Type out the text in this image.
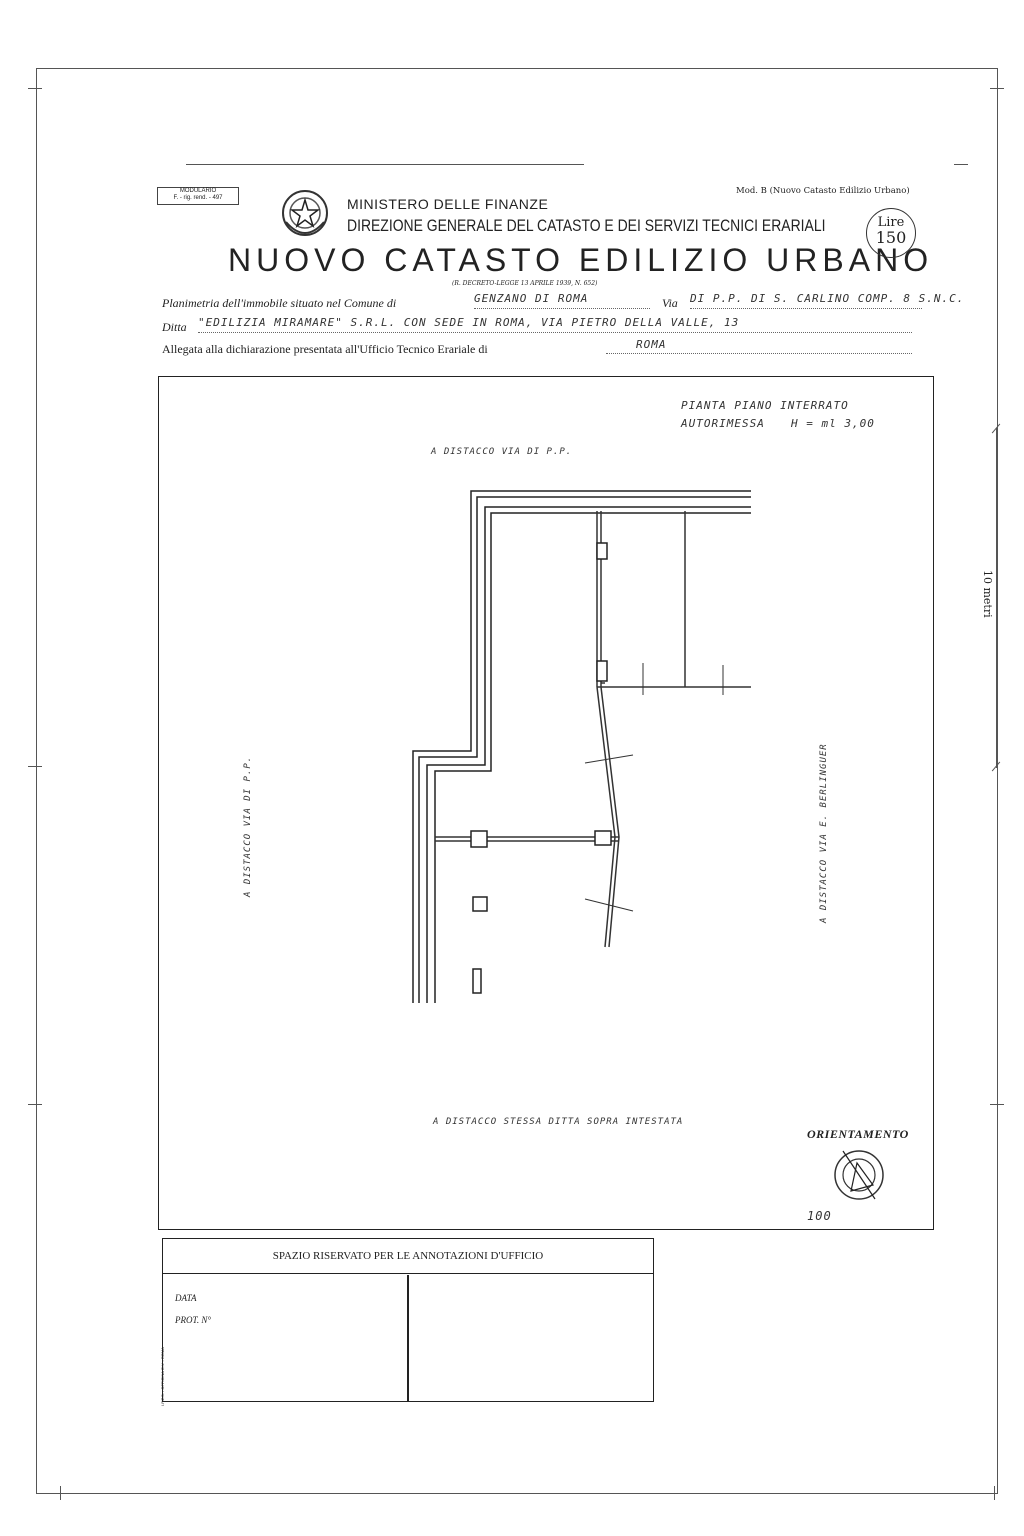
10 metri
MODULARIO
F. - rig. rend. - 497
Mod. B (Nuovo Catasto Edilizio Urbano)
MINISTERO DELLE FINANZE
DIREZIONE GENERALE DEL CATASTO E DEI SERVIZI TECNICI ERARIALI
NUOVO CATASTO EDILIZIO URBANO
(R. DECRETO-LEGGE 13 APRILE 1939, N. 652)
Lire
150
Planimetria dell'immobile situato nel Comune di	GENZANO DI ROMA	Via DI P.P. DI S. CARLINO COMP. 8 S.N.C.
Ditta "EDILIZIA MIRAMARE" S.R.L. CON SEDE IN ROMA, VIA PIETRO DELLA VALLE, 13
Allegata alla dichiarazione presentata all'Ufficio Tecnico Erariale di	ROMA
PIANTA PIANO INTERRATO
AUTORIMESSA H = ml 3,00
A DISTACCO VIA DI P.P.
A DISTACCO VIA DI P.P.	A DISTACCO VIA E. BERLINGUER
A DISTACCO STESSA DITTA SOPRA INTESTATA
ORIENTAMENTO
100
SPAZIO RISERVATO PER LE ANNOTAZIONI D'UFFICIO
DATA
PROT. N°
I.P.Z.S. - OFFICINA C.V. - ROMA
